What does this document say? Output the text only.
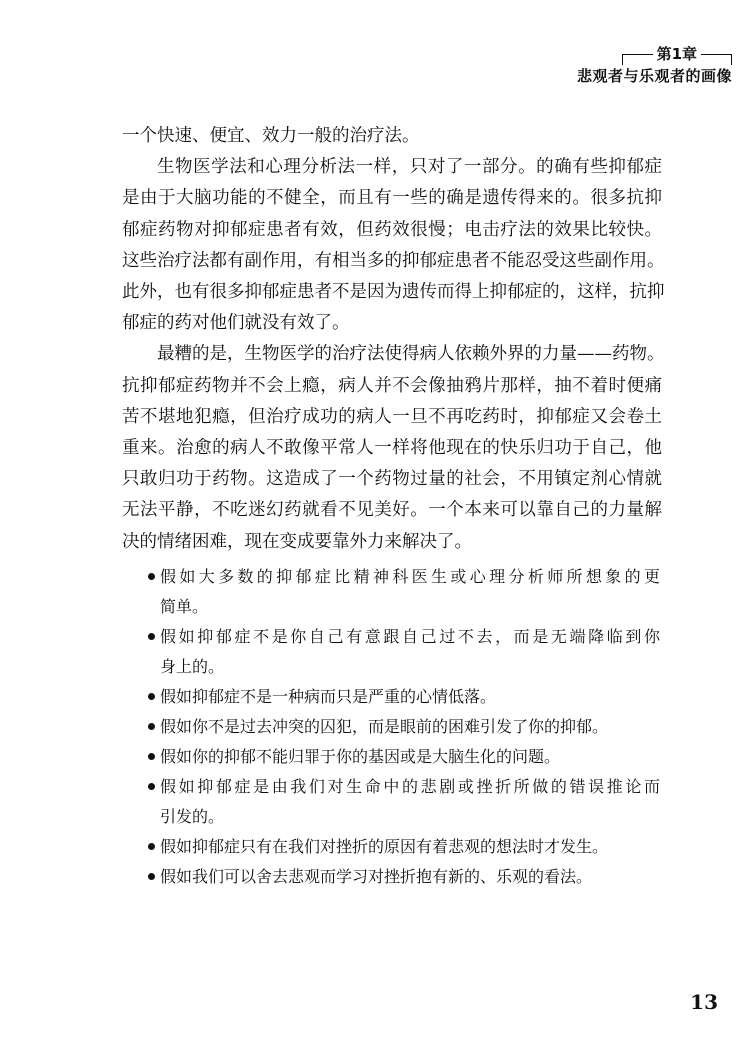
第1章
悲观者与乐观者的画像
一个快速、便宜、效力一般的治疗法。
生物医学法和心理分析法一样，只对了一部分。的确有些抑郁症
是由于大脑功能的不健全，而且有一些的确是遗传得来的。很多抗抑
郁症药物对抑郁症患者有效，但药效很慢；电击疗法的效果比较快。
这些治疗法都有副作用，有相当多的抑郁症患者不能忍受这些副作用。
此外，也有很多抑郁症患者不是因为遗传而得上抑郁症的，这样，抗抑
郁症的药对他们就没有效了。
最糟的是，生物医学的治疗法使得病人依赖外界的力量——药物。
抗抑郁症药物并不会上瘾，病人并不会像抽鸦片那样，抽不着时便痛
苦不堪地犯瘾，但治疗成功的病人一旦不再吃药时，抑郁症又会卷土
重来。治愈的病人不敢像平常人一样将他现在的快乐归功于自己，他
只敢归功于药物。这造成了一个药物过量的社会，不用镇定剂心情就
无法平静，不吃迷幻药就看不见美好。一个本来可以靠自己的力量解
决的情绪困难，现在变成要靠外力来解决了。
假如大多数的抑郁症比精神科医生或心理分析师所想象的更
简单。
假如抑郁症不是你自己有意跟自己过不去，而是无端降临到你
身上的。
假如抑郁症不是一种病而只是严重的心情低落。
假如你不是过去冲突的囚犯，而是眼前的困难引发了你的抑郁。
假如你的抑郁不能归罪于你的基因或是大脑生化的问题。
假如抑郁症是由我们对生命中的悲剧或挫折所做的错误推论而
引发的。
假如抑郁症只有在我们对挫折的原因有着悲观的想法时才发生。
假如我们可以舍去悲观而学习对挫折抱有新的、乐观的看法。
13
